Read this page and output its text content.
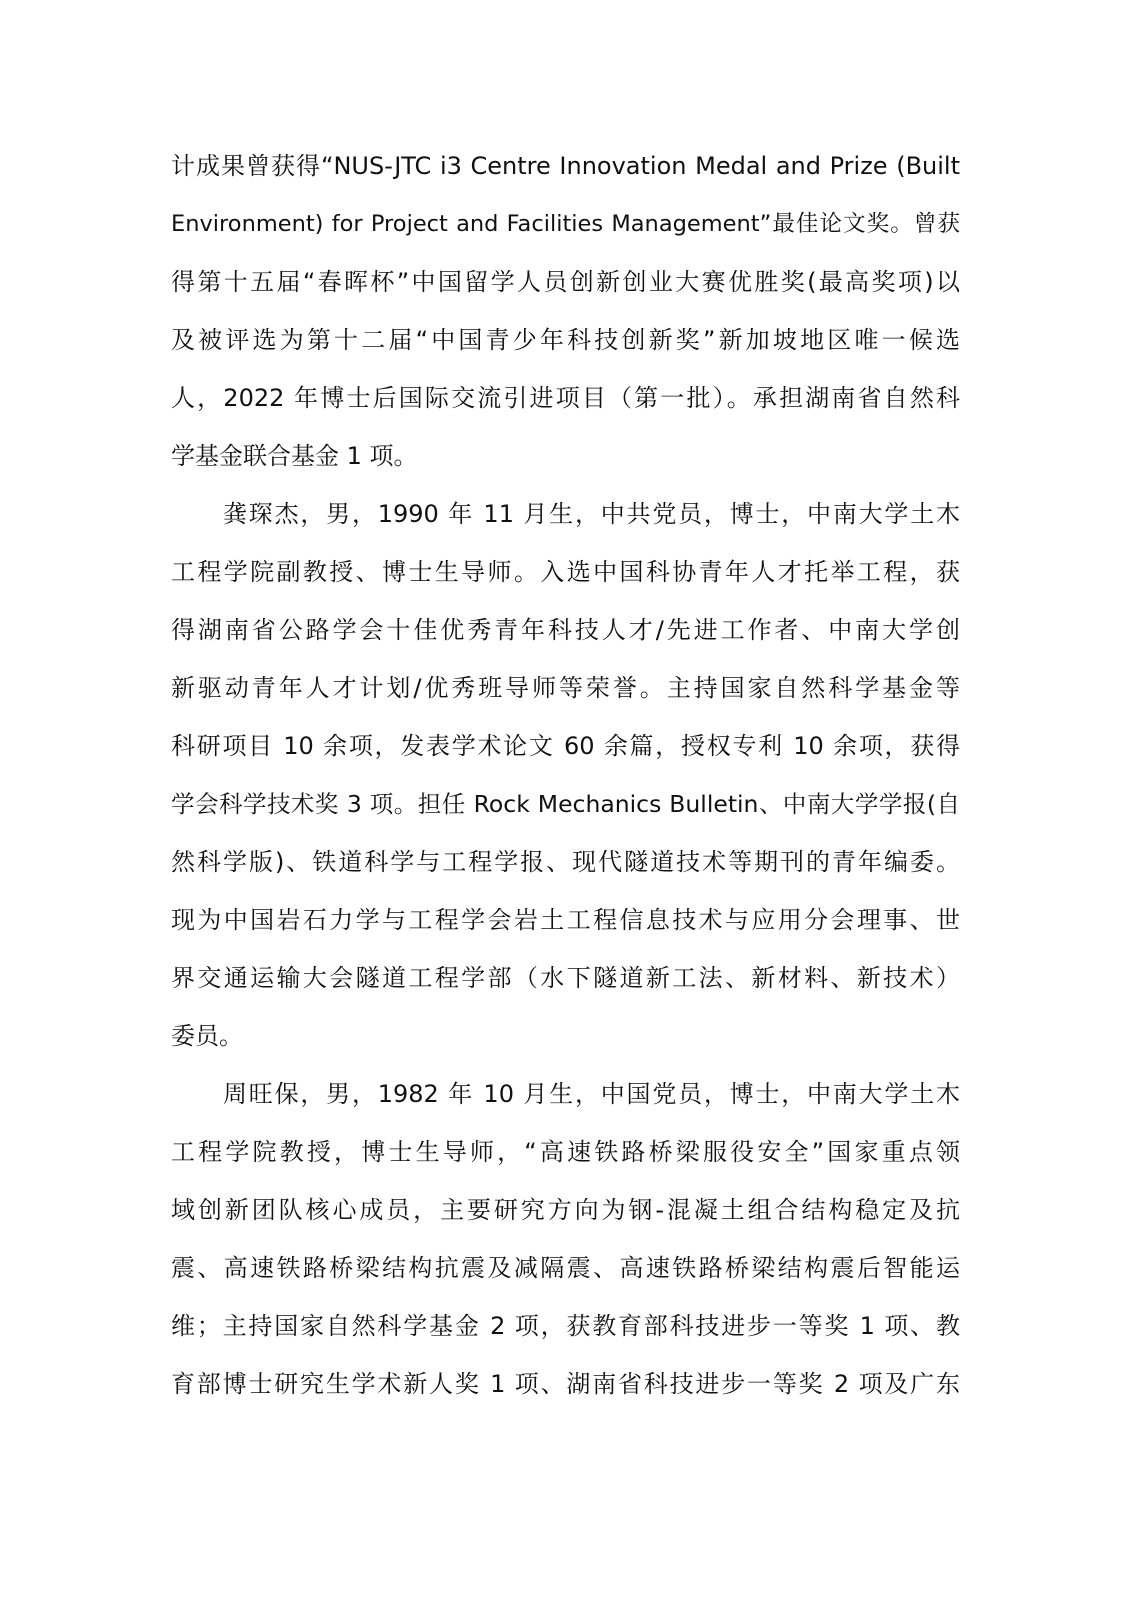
计成果曾获得“NUS-JTC i3 Centre Innovation Medal and Prize (Built
Environment) for Project and Facilities Management”最佳论文奖。曾获
得第十五届“春晖杯”中国留学人员创新创业大赛优胜奖(最高奖项)以
及被评选为第十二届“中国青少年科技创新奖”新加坡地区唯一候选
人，2022 年博士后国际交流引进项目（第一批）。承担湖南省自然科
学基金联合基金 1 项。
龚琛杰，男，1990 年 11 月生，中共党员，博士，中南大学土木
工程学院副教授、博士生导师。入选中国科协青年人才托举工程，获
得湖南省公路学会十佳优秀青年科技人才/先进工作者、中南大学创
新驱动青年人才计划/优秀班导师等荣誉。主持国家自然科学基金等
科研项目 10 余项，发表学术论文 60 余篇，授权专利 10 余项，获得
学会科学技术奖 3 项。担任 Rock Mechanics Bulletin、中南大学学报(自
然科学版)、铁道科学与工程学报、现代隧道技术等期刊的青年编委。
现为中国岩石力学与工程学会岩土工程信息技术与应用分会理事、世
界交通运输大会隧道工程学部（水下隧道新工法、新材料、新技术）
委员。
周旺保，男，1982 年 10 月生，中国党员，博士，中南大学土木
工程学院教授，博士生导师，“高速铁路桥梁服役安全”国家重点领
域创新团队核心成员，主要研究方向为钢-混凝土组合结构稳定及抗
震、高速铁路桥梁结构抗震及减隔震、高速铁路桥梁结构震后智能运
维；主持国家自然科学基金 2 项，获教育部科技进步一等奖 1 项、教
育部博士研究生学术新人奖 1 项、湖南省科技进步一等奖 2 项及广东
